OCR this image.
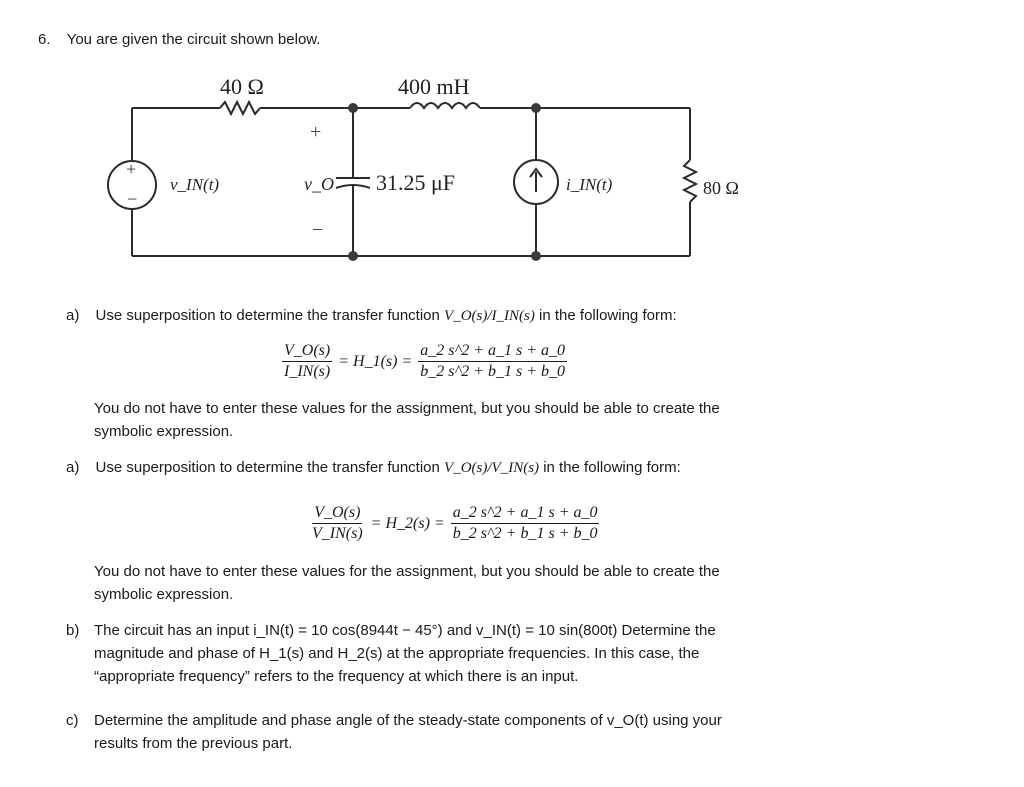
6. You are given the circuit shown below.
40 Ω	400 mH
31.25 μF	80 Ω
v_IN(t)	v_O	i_IN(t)
+
−
+
−
a) Use superposition to determine the transfer function V_O(s)/I_IN(s) in the following form:
$\frac{V\_O(s)}{I\_IN(s)}$ = H_1(s) = $\frac{a\_2 s\^{}2 + a\_1 s + a\_0}{b\_2 s\^{}2 + b\_1 s + b\_0}$
You do not have to enter these values for the assignment, but you should be able to create the symbolic expression.
a) Use superposition to determine the transfer function V_O(s)/V_IN(s) in the following form:
$\frac{V\_O(s)}{V\_IN(s)}$ = H_2(s) = $\frac{a\_2 s\^{}2 + a\_1 s + a\_0}{b\_2 s\^{}2 + b\_1 s + b\_0}$
You do not have to enter these values for the assignment, but you should be able to create the symbolic expression.
b) The circuit has an input i_IN(t) = 10 cos(8944t − 45°) and v_IN(t) = 10 sin(800t) Determine the magnitude and phase of H_1(s) and H_2(s) at the appropriate frequencies. In this case, the “appropriate frequency” refers to the frequency at which there is an input.
c)	Determine the amplitude and phase angle of the steady-state components of v_O(t) using your results from the previous part.
